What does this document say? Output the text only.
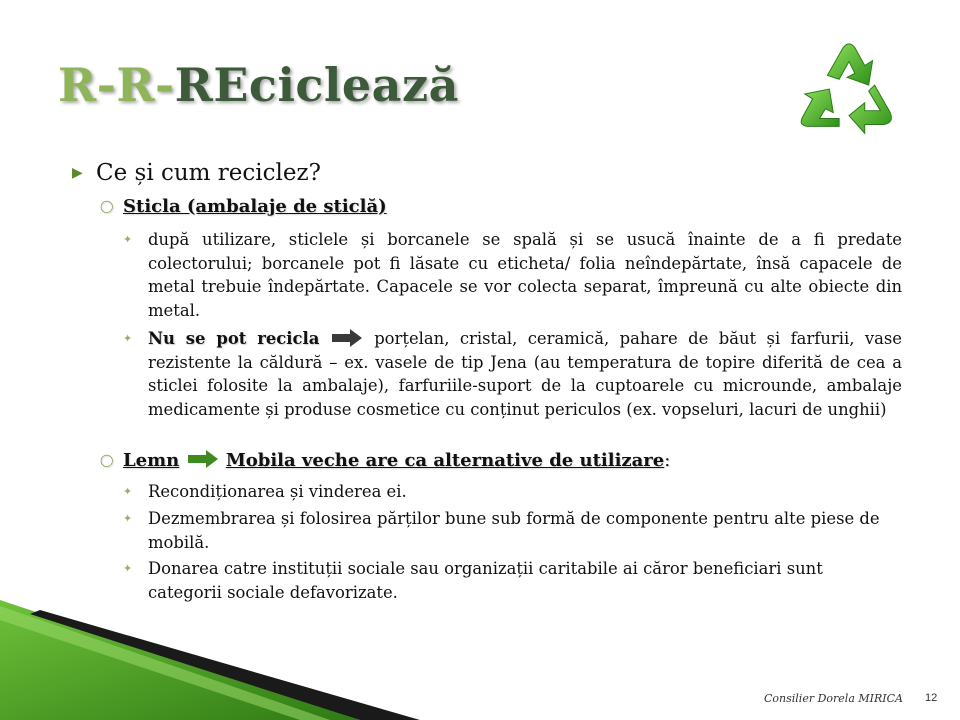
R-R-REciclează
▶ Ce și cum reciclez?
◯ Sticla (ambalaje de sticlă)
✦ după utilizare, sticlele și borcanele se spală și se usucă înainte de a fi predate colectorului; borcanele pot fi lăsate cu eticheta/ folia neîndepărtate, însă capacele de metal trebuie îndepărtate. Capacele se vor colecta separat, împreună cu alte obiecte din metal.
✦ Nu se pot recicla	porțelan, cristal, ceramică, pahare de băut și farfurii, vase rezistente la căldură – ex. vasele de tip Jena (au temperatura de topire diferită de cea a sticlei folosite la ambalaje), farfuriile-suport de la cuptoarele cu microunde, ambalaje medicamente și produse cosmetice cu conținut periculos (ex. vopseluri, lacuri de unghii)
◯ Lemn	Mobila veche are ca alternative de utilizare:
✦ Recondiționarea și vinderea ei.
✦ Dezmembrarea și folosirea părților bune sub formă de componente pentru alte piese de mobilă.
✦ Donarea catre instituții sociale sau organizații caritabile ai căror beneficiari sunt categorii sociale defavorizate.
Consilier Dorela MIRICA 12
